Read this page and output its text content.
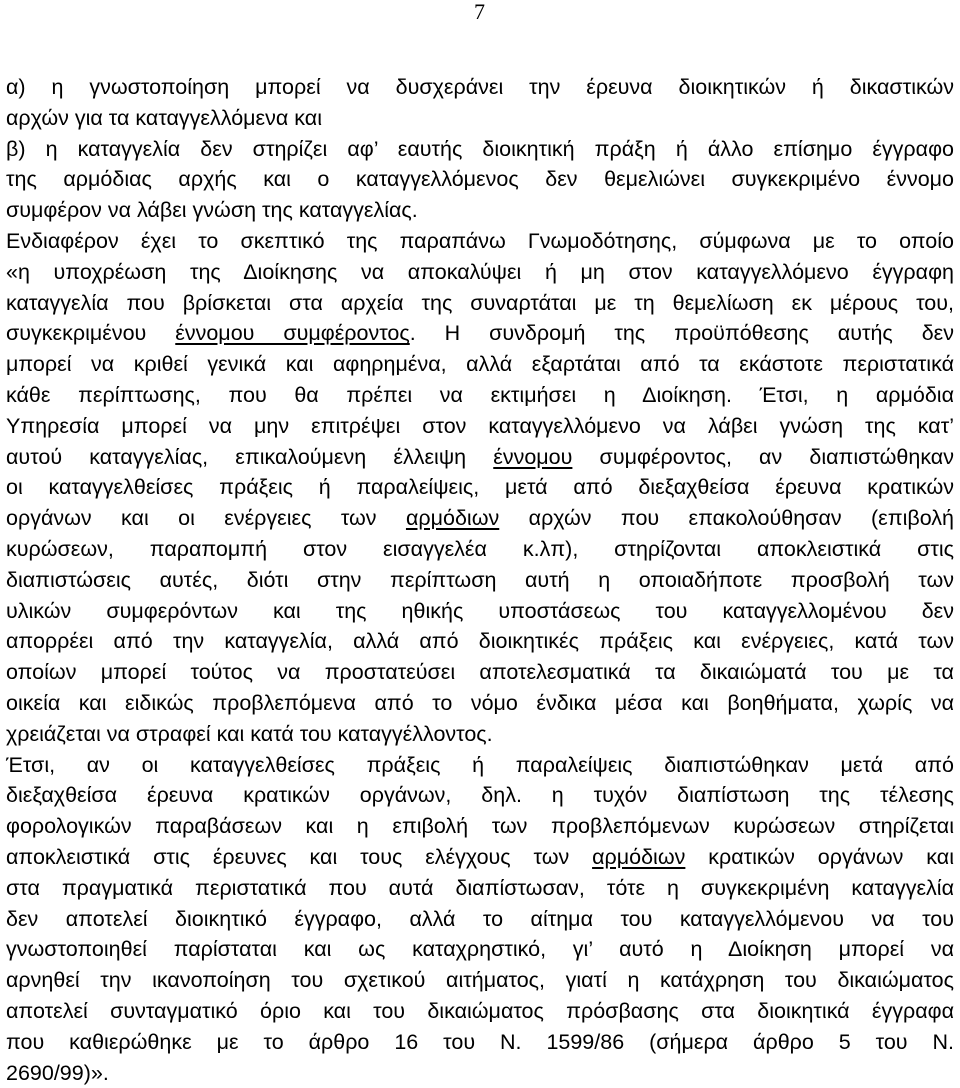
7
α) η γνωστοποίηση μπορεί να δυσχεράνει την έρευνα διοικητικών ή δικαστικών
αρχών για τα καταγγελλόμενα και
β) η καταγγελία δεν στηρίζει αφ’ εαυτής διοικητική πράξη ή άλλο επίσημο έγγραφο
της αρμόδιας αρχής και ο καταγγελλόμενος δεν θεμελιώνει συγκεκριμένο έννομο
συμφέρον να λάβει γνώση της καταγγελίας.
Ενδιαφέρον έχει το σκεπτικό της παραπάνω Γνωμοδότησης, σύμφωνα με το οποίο
«η υποχρέωση της Διοίκησης να αποκαλύψει ή μη στον καταγγελλόμενο έγγραφη
καταγγελία που βρίσκεται στα αρχεία της συναρτάται με τη θεμελίωση εκ μέρους του,
συγκεκριμένου έννομου συμφέροντος. Η συνδρομή της προϋπόθεσης αυτής δεν
μπορεί να κριθεί γενικά και αφηρημένα, αλλά εξαρτάται από τα εκάστοτε περιστατικά
κάθε περίπτωσης, που θα πρέπει να εκτιμήσει η Διοίκηση. Έτσι, η αρμόδια
Υπηρεσία μπορεί να μην επιτρέψει στον καταγγελλόμενο να λάβει γνώση της κατ’
αυτού καταγγελίας, επικαλούμενη έλλειψη έννομου συμφέροντος, αν διαπιστώθηκαν
οι καταγγελθείσες πράξεις ή παραλείψεις, μετά από διεξαχθείσα έρευνα κρατικών
οργάνων και οι ενέργειες των αρμόδιων αρχών που επακολούθησαν (επιβολή
κυρώσεων, παραπομπή στον εισαγγελέα κ.λπ), στηρίζονται αποκλειστικά στις
διαπιστώσεις αυτές, διότι στην περίπτωση αυτή η οποιαδήποτε προσβολή των
υλικών συμφερόντων και της ηθικής υποστάσεως του καταγγελλομένου δεν
απορρέει από την καταγγελία, αλλά από διοικητικές πράξεις και ενέργειες, κατά των
οποίων μπορεί τούτος να προστατεύσει αποτελεσματικά τα δικαιώματά του με τα
οικεία και ειδικώς προβλεπόμενα από το νόμο ένδικα μέσα και βοηθήματα, χωρίς να
χρειάζεται να στραφεί και κατά του καταγγέλλοντος.
Έτσι, αν οι καταγγελθείσες πράξεις ή παραλείψεις διαπιστώθηκαν μετά από
διεξαχθείσα έρευνα κρατικών οργάνων, δηλ. η τυχόν διαπίστωση της τέλεσης
φορολογικών παραβάσεων και η επιβολή των προβλεπόμενων κυρώσεων στηρίζεται
αποκλειστικά στις έρευνες και τους ελέγχους των αρμόδιων κρατικών οργάνων και
στα πραγματικά περιστατικά που αυτά διαπίστωσαν, τότε η συγκεκριμένη καταγγελία
δεν αποτελεί διοικητικό έγγραφο, αλλά το αίτημα του καταγγελλόμενου να του
γνωστοποιηθεί παρίσταται και ως καταχρηστικό, γι’ αυτό η Διοίκηση μπορεί να
αρνηθεί την ικανοποίηση του σχετικού αιτήματος, γιατί η κατάχρηση του δικαιώματος
αποτελεί συνταγματικό όριο και του δικαιώματος πρόσβασης στα διοικητικά έγγραφα
που καθιερώθηκε με το άρθρο 16 του Ν. 1599/86 (σήμερα άρθρο 5 του Ν.
2690/99)».
